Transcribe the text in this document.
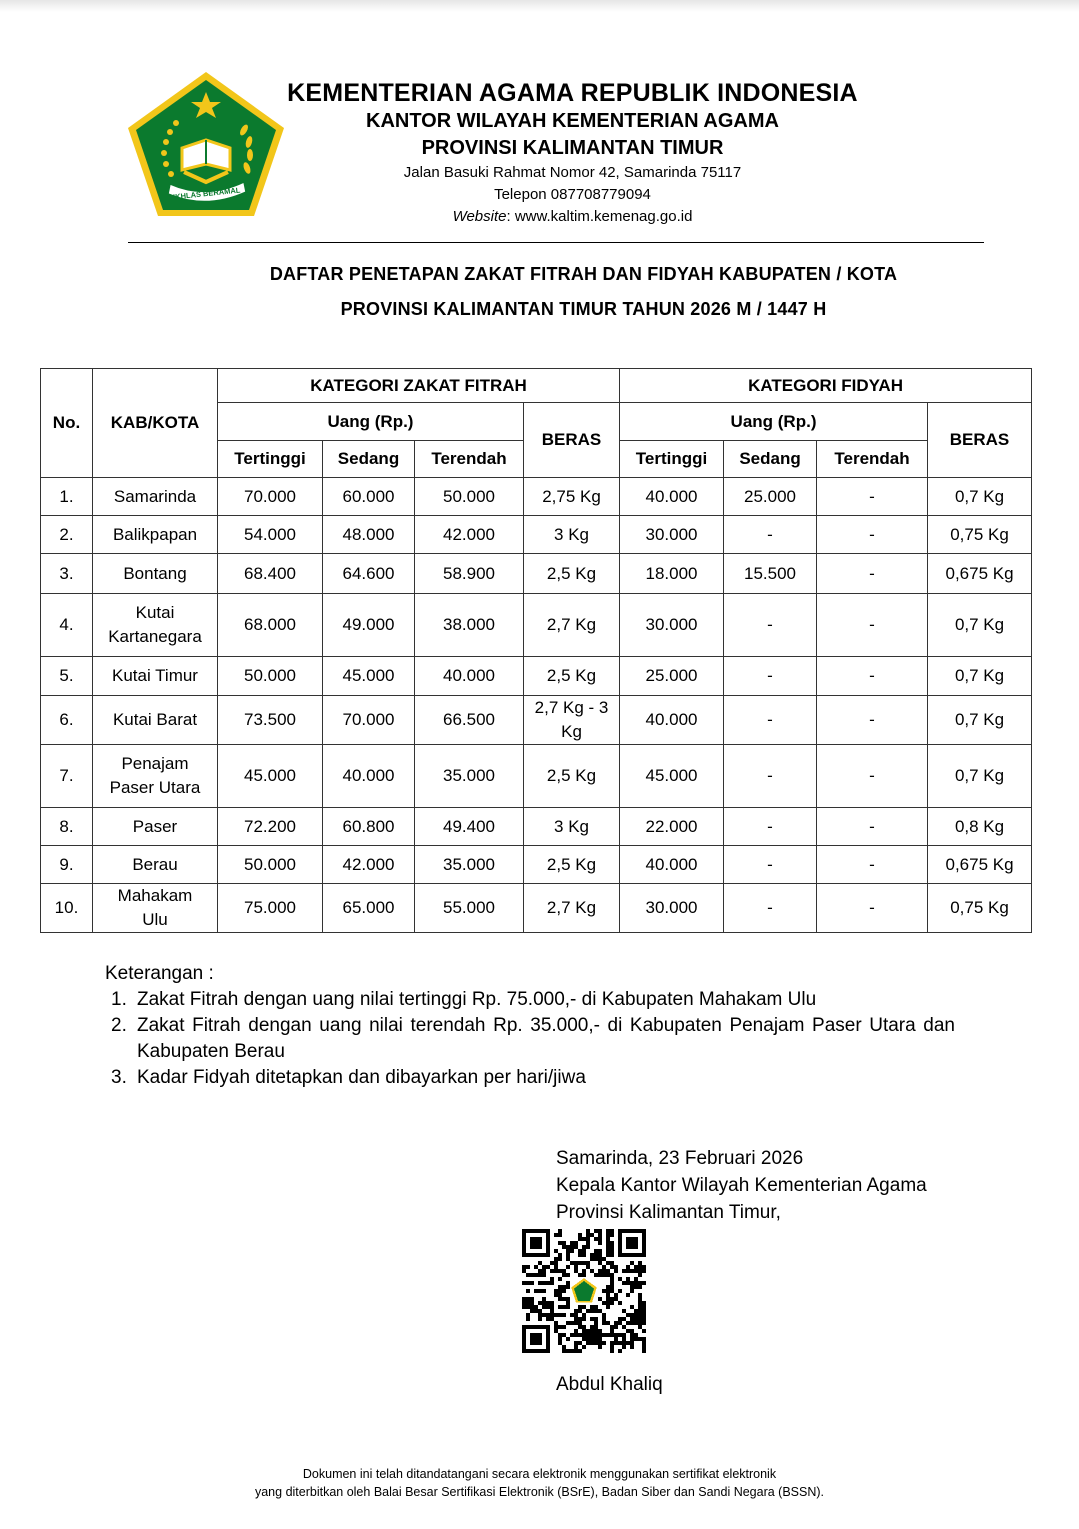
IKHLAS BERAMAL
KEMENTERIAN AGAMA REPUBLIK INDONESIA
KANTOR WILAYAH KEMENTERIAN AGAMA
PROVINSI KALIMANTAN TIMUR
Jalan Basuki Rahmat Nomor 42, Samarinda 75117
Telepon 087708779094
Website: www.kaltim.kemenag.go.id
DAFTAR PENETAPAN ZAKAT FITRAH DAN FIDYAH KABUPATEN / KOTA
PROVINSI KALIMANTAN TIMUR TAHUN 2026 M / 1447 H
No.	KAB/KOTA	KATEGORI ZAKAT FITRAH				KATEGORI FIDYAH			
		Uang (Rp.)			BERAS	Uang (Rp.)			BERAS
		Tertinggi	Sedang	Terendah		Tertinggi	Sedang	Terendah	
1.	Samarinda	70.000	60.000	50.000	2,75 Kg	40.000	25.000	-	0,7 Kg
2.	Balikpapan	54.000	48.000	42.000	3 Kg	30.000	-	-	0,75 Kg
3.	Bontang	68.400	64.600	58.900	2,5 Kg	18.000	15.500	-	0,675 Kg
4.	Kutai Kartanegara	68.000	49.000	38.000	2,7 Kg	30.000	-	-	0,7 Kg
5.	Kutai Timur	50.000	45.000	40.000	2,5 Kg	25.000	-	-	0,7 Kg
6.	Kutai Barat	73.500	70.000	66.500	2,7 Kg - 3 Kg	40.000	-	-	0,7 Kg
7.	Penajam Paser Utara	45.000	40.000	35.000	2,5 Kg	45.000	-	-	0,7 Kg
8.	Paser	72.200	60.800	49.400	3 Kg	22.000	-	-	0,8 Kg
9.	Berau	50.000	42.000	35.000	2,5 Kg	40.000	-	-	0,675 Kg
10.	Mahakam Ulu	75.000	65.000	55.000	2,7 Kg	30.000	-	-	0,75 Kg
Keterangan :
1. Zakat Fitrah dengan uang nilai tertinggi Rp. 75.000,- di Kabupaten Mahakam Ulu
2. Zakat Fitrah dengan uang nilai terendah Rp. 35.000,- di Kabupaten Penajam Paser Utara dan Kabupaten Berau
3. Kadar Fidyah ditetapkan dan dibayarkan per hari/jiwa
Samarinda, 23 Februari 2026
Kepala Kantor Wilayah Kementerian Agama
Provinsi Kalimantan Timur,
Abdul Khaliq
Dokumen ini telah ditandatangani secara elektronik menggunakan sertifikat elektronik
yang diterbitkan oleh Balai Besar Sertifikasi Elektronik (BSrE), Badan Siber dan Sandi Negara (BSSN).
